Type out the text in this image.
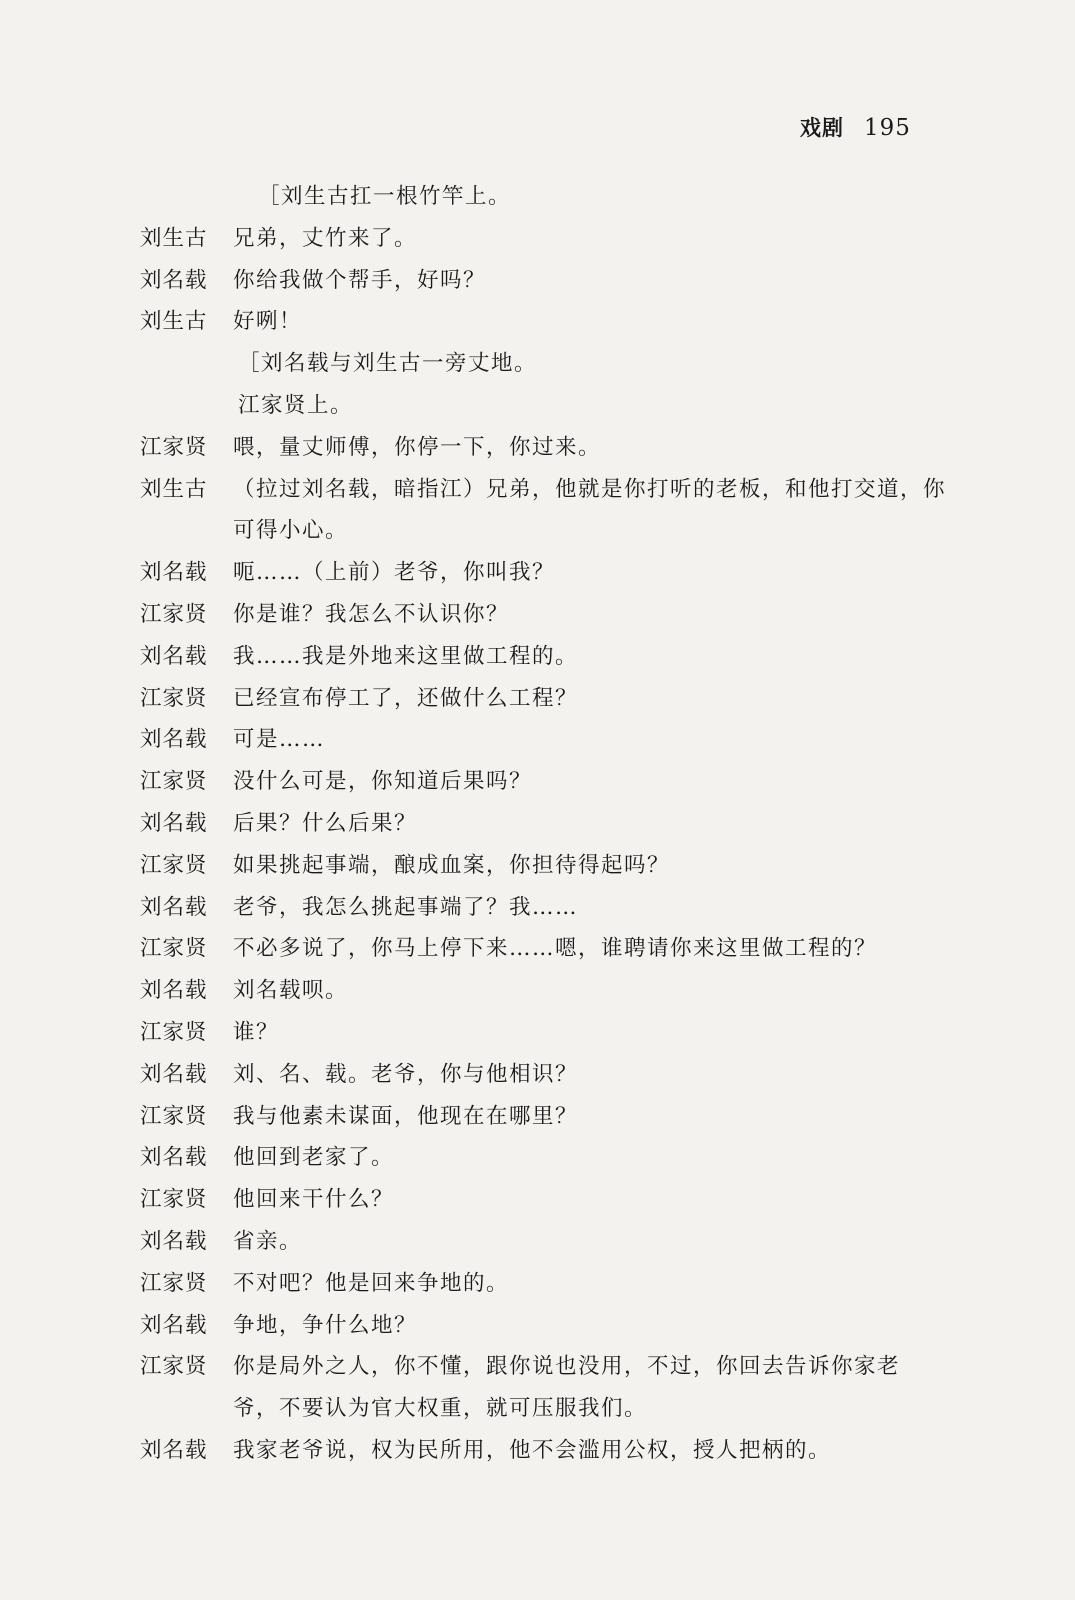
戏剧 195
［刘生古扛一根竹竿上。
刘生古	兄弟，丈竹来了。
刘名载	你给我做个帮手，好吗？
刘生古	好咧！
［刘名载与刘生古一旁丈地。
江家贤上。
江家贤	喂，量丈师傅，你停一下，你过来。
刘生古	（拉过刘名载，暗指江）兄弟，他就是你打听的老板，和他打交道，你
可得小心。
刘名载	呃……（上前）老爷，你叫我？
江家贤	你是谁？我怎么不认识你？
刘名载	我……我是外地来这里做工程的。
江家贤	已经宣布停工了，还做什么工程？
刘名载	可是……
江家贤	没什么可是，你知道后果吗？
刘名载	后果？什么后果？
江家贤	如果挑起事端，酿成血案，你担待得起吗？
刘名载	老爷，我怎么挑起事端了？我……
江家贤	不必多说了，你马上停下来……嗯，谁聘请你来这里做工程的？
刘名载	刘名载呗。
江家贤	谁？
刘名载	刘、名、载。老爷，你与他相识？
江家贤	我与他素未谋面，他现在在哪里？
刘名载	他回到老家了。
江家贤	他回来干什么？
刘名载	省亲。
江家贤	不对吧？他是回来争地的。
刘名载	争地，争什么地？
江家贤	你是局外之人，你不懂，跟你说也没用，不过，你回去告诉你家老
爷，不要认为官大权重，就可压服我们。
刘名载	我家老爷说，权为民所用，他不会滥用公权，授人把柄的。
